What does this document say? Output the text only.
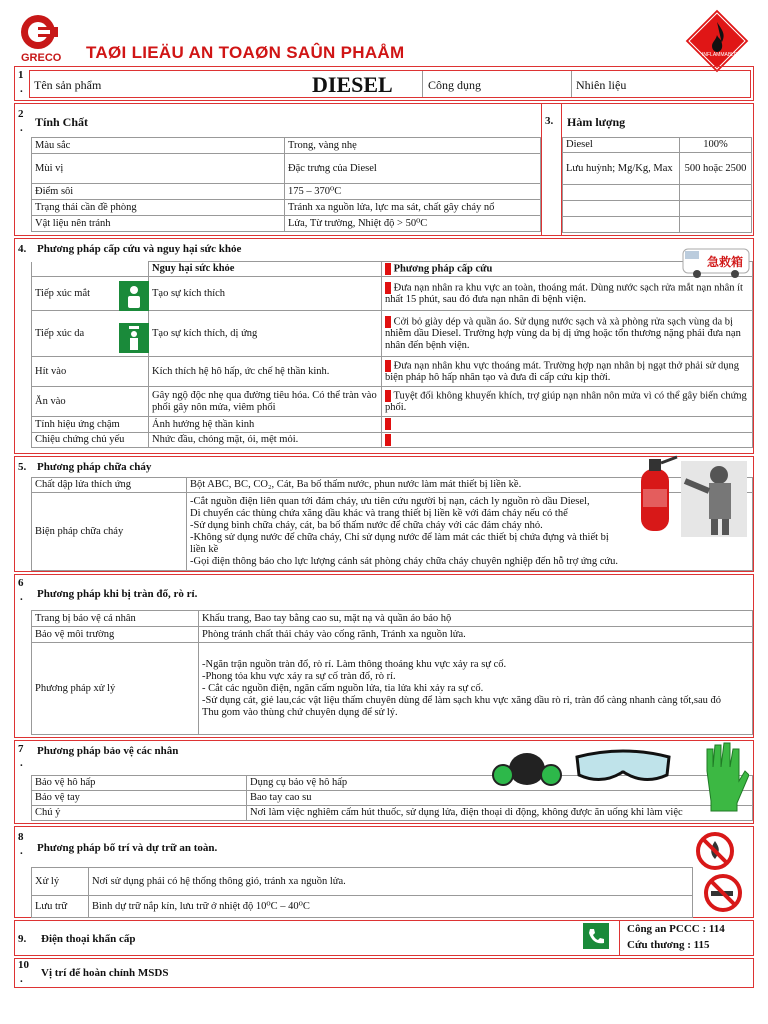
GRECO TAØI LIEÄU AN TOAØN SAÛN PHAÅM	INFLAMMABLE
1
. Tên sản phẩm	DIESEL	Công dụng	Nhiên liệu
2
. Tính Chất
Màu sắc	Trong, vàng nhẹ
Mùi vị	Đặc trưng của Diesel
Điểm sôi	175 – 370⁰C
Trạng thái cần đề phòng	Tránh xa nguồn lửa, lực ma sát, chất gây cháy nổ
Vật liệu nên tránh	Lửa, Từ trường, Nhiệt độ > 50⁰C
3. Hàm lượng
Diesel	100%
Lưu huỳnh; Mg/Kg, Max	500 hoặc 2500

4. Phương pháp cấp cứu và nguy hại sức khỏe
	Nguy hại sức khỏe	Phương pháp cấp cứu
Tiếp xúc mắt	Tạo sự kích thích	Đưa nạn nhân ra khu vực an toàn, thoáng mát. Dùng nước sạch rửa mắt nạn nhân ít nhất 15 phút, sau đó đưa nạn nhân đi bệnh viện.
Tiếp xúc da	Tạo sự kích thích, dị ứng	Cởi bỏ giày dép và quần áo. Sử dụng nước sạch và xà phòng rửa sạch vùng da bị nhiễm dầu Diesel. Trường hợp vùng da bị dị ứng hoặc tổn thương nặng phải đưa nạn nhân đến bệnh viện.
Hít vào	Kích thích hệ hô hấp, ức chế hệ thần kinh.	Đưa nạn nhân khu vực thoáng mát. Trường hợp nạn nhân bị ngạt thở phải sử dụng biện pháp hô hấp nhân tạo và đưa đi cấp cứu kịp thời.
Ăn vào	Gây ngộ độc nhẹ qua đường tiêu hóa. Có thể tràn vào phổi gây nôn mửa, viêm phổi	Tuyệt đối không khuyến khích, trợ giúp nạn nhân nôn mửa vì có thể gây biến chứng phổi.
Tính hiệu ứng chậm	Ảnh hưởng hệ thần kinh	
Chiệu chứng chủ yếu	Nhức đầu, chóng mặt, ói, mệt mỏi.	
急救箱
5. Phương pháp chữa cháy
Chất dập lửa thích ứng	Bột ABC, BC, CO₂, Cát, Ba bố thấm nước, phun nước làm mát thiết bị liền kề.
Biện pháp chữa cháy	-Cắt nguồn điện liên quan tới đám cháy, ưu tiên cứu người bị nạn, cách ly nguồn rò dầu Diesel,
Di chuyển các thùng chứa xăng dầu khác và trang thiết bị liền kề với đám cháy nếu có thể
-Sử dụng bình chữa cháy, cát, ba bố thấm nước để chữa cháy với các đám cháy nhỏ.
-Không sử dụng nước để chữa cháy, Chỉ sử dụng nước để làm mát các thiết bị chứa đựng và thiết bị liền kề
-Gọi điện thông báo cho lực lượng cảnh sát phòng cháy chữa cháy chuyên nghiệp đến hỗ trợ ứng cứu.
6
. Phương pháp khi bị tràn đổ, rò rỉ.
Trang bị bảo vệ cá nhân	Khẩu trang, Bao tay bằng cao su, mặt nạ và quần áo bảo hộ
Bảo vệ môi trường	Phòng tránh chất thải chảy vào cống rãnh, Tránh xa nguồn lửa.
Phương pháp xử lý	-Ngăn trận nguồn tràn đổ, rò rỉ. Làm thông thoáng khu vực xảy ra sự cố.
-Phong tỏa khu vực xảy ra sự cố tràn đổ, rò rỉ.
- Cắt các nguồn điện, ngăn cấm nguồn lửa, tia lửa khi xảy ra sự cố.
-Sử dụng cát, giẻ lau,các vật liệu thấm chuyên dùng để làm sạch khu vực xăng dầu rò rỉ, tràn đổ càng nhanh càng tốt,sau đó
Thu gom vào thùng chứ chuyên dụng để sử lý.
7
.
Phương pháp bảo vệ các nhân
Bảo vệ hô hấp	Dụng cụ bảo vệ hô hấp
Bảo vệ tay	Bao tay cao su
Chú ý	Nơi làm việc nghiêm cấm hút thuốc, sử dụng lửa, điện thoại di động, không được ăn uống khi làm việc
8
. Phương pháp bố trí và dự trữ an toàn.
Xử lý	Nơi sử dụng phải có hệ thống thông gió, tránh xa nguồn lửa.
Lưu trữ	Bình dự trữ nắp kín, lưu trữ ở nhiệt độ 10⁰C – 40⁰C
9. Điện thoại khẩn cấp
Công an PCCC : 114
Cứu thương : 115
10
. Vị trí để hoàn chỉnh MSDS
